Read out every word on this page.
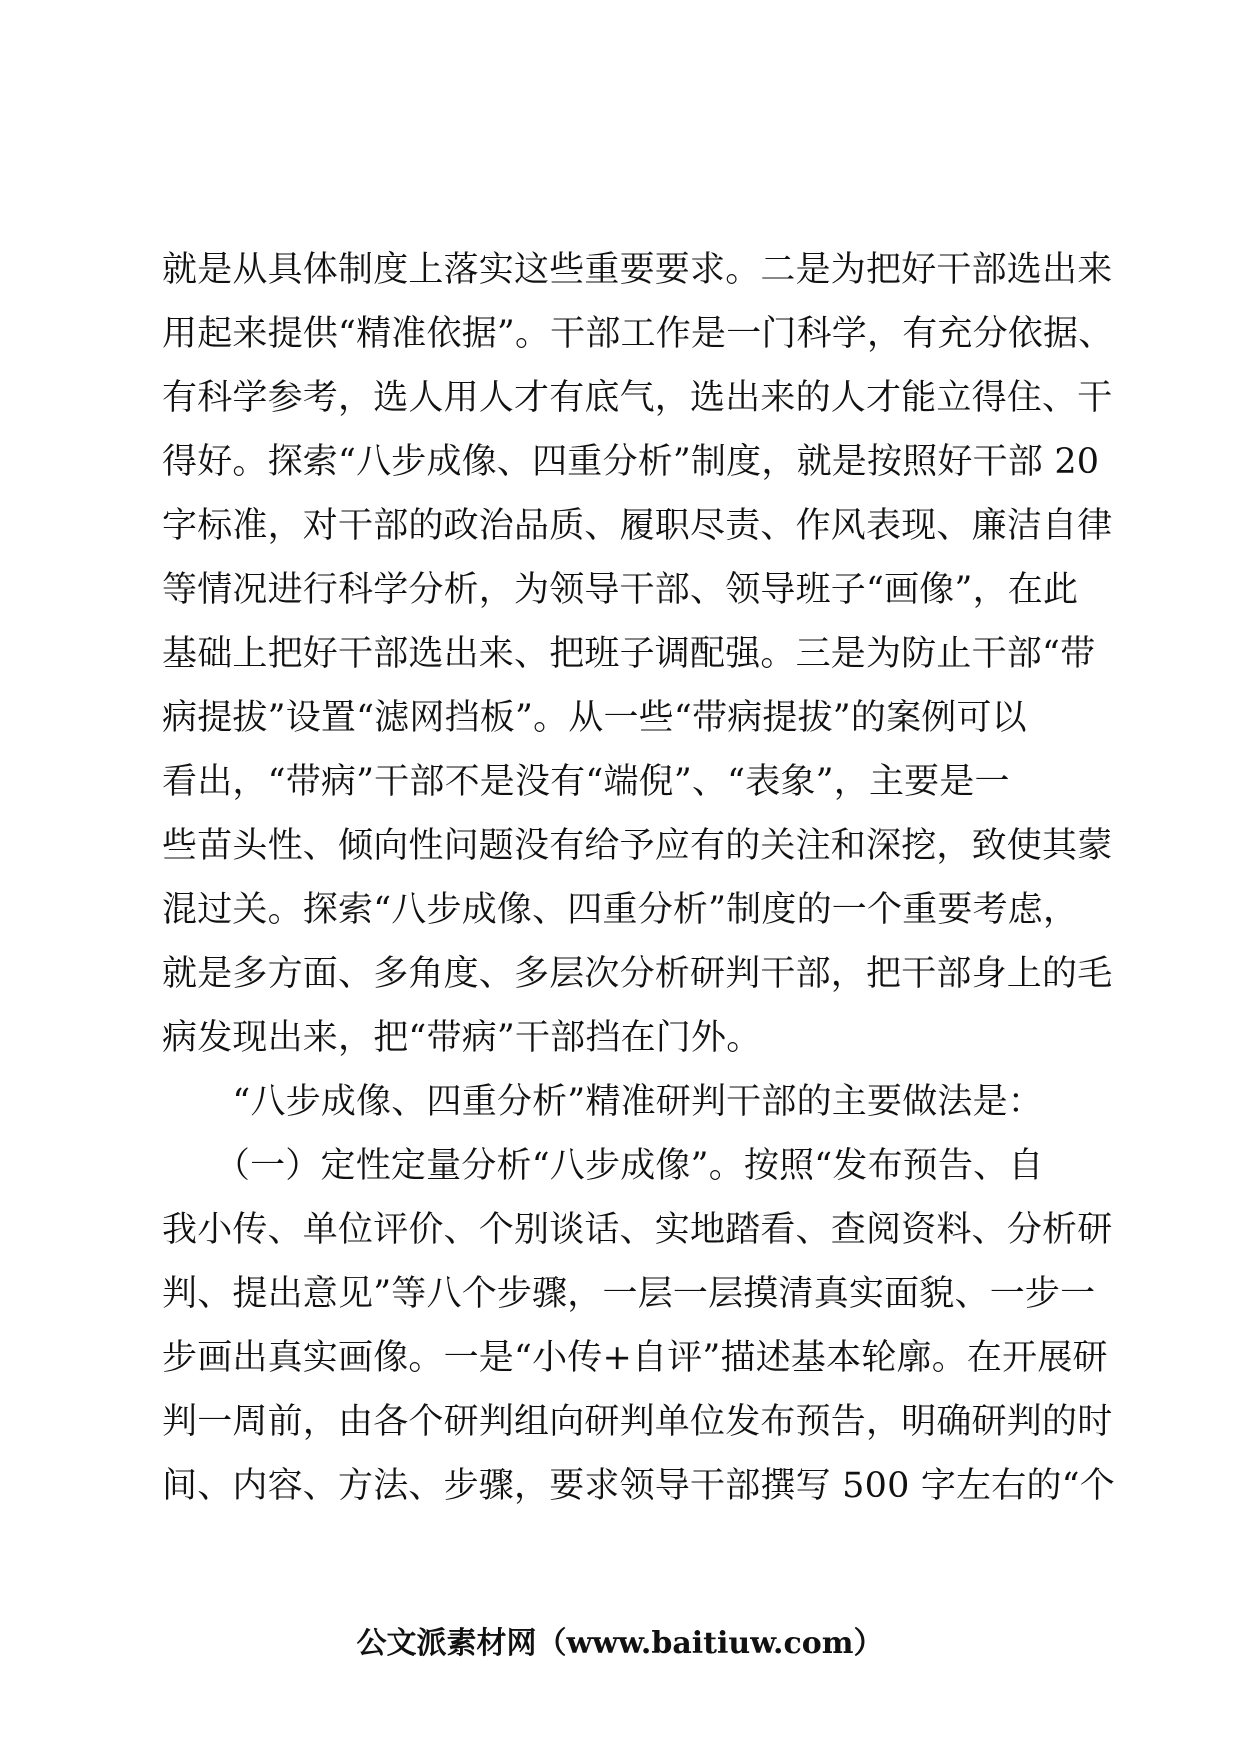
就是从具体制度上落实这些重要要求。二是为把好干部选出来
用起来提供“精准依据”。干部工作是一门科学，有充分依据、
有科学参考，选人用人才有底气，选出来的人才能立得住、干
得好。探索“八步成像、四重分析”制度，就是按照好干部 20
字标准，对干部的政治品质、履职尽责、作风表现、廉洁自律
等情况进行科学分析，为领导干部、领导班子“画像”，在此
基础上把好干部选出来、把班子调配强。三是为防止干部“带
病提拔”设置“滤网挡板”。从一些“带病提拔”的案例可以
看出，“带病”干部不是没有“端倪”、“表象”，主要是一
些苗头性、倾向性问题没有给予应有的关注和深挖，致使其蒙
混过关。探索“八步成像、四重分析”制度的一个重要考虑，
就是多方面、多角度、多层次分析研判干部，把干部身上的毛
病发现出来，把“带病”干部挡在门外。
　　“八步成像、四重分析”精准研判干部的主要做法是：
　　（一）定性定量分析“八步成像”。按照“发布预告、自
我小传、单位评价、个别谈话、实地踏看、查阅资料、分析研
判、提出意见”等八个步骤，一层一层摸清真实面貌、一步一
步画出真实画像。一是“小传+自评”描述基本轮廓。在开展研
判一周前，由各个研判组向研判单位发布预告，明确研判的时
间、内容、方法、步骤，要求领导干部撰写 500 字左右的“个
公文派素材网（www.baitiuw.com）
